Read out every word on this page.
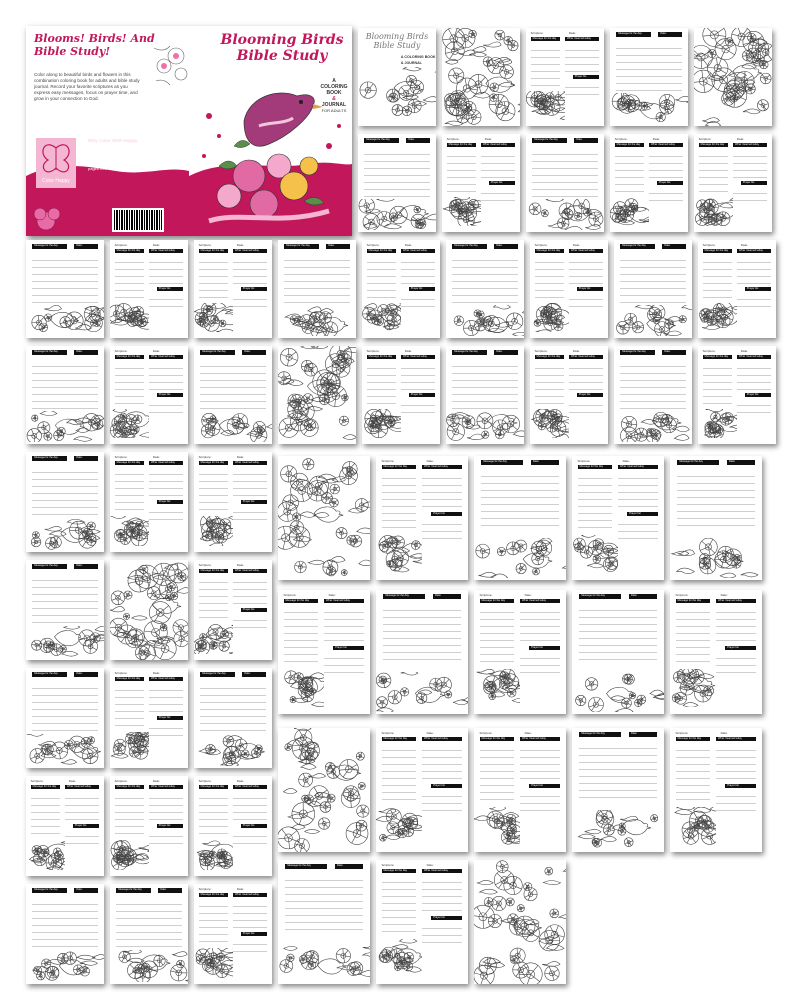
Blooms! Birds! And Bible Study!
Color along to beautiful birds and flowers in this combination coloring book for adults and bible study journal. Record your favorite scriptures as you express easy messages, focus on prayer time, and grow in your connection to God.
Color Happy
Why Color With Happy
Color Happy is a family of coloring enthusiasts dedicated to finding the most beautiful art and images to bring you joy. Every coloring book we create combines premium illustration with mindful journaling pages that inspire gratitude and relaxation.
Blooming Birds Bible Study
A
COLORING
BOOK
&
JOURNAL
FOR ADULTS
Blooming Birds Bible Study
A COLORING BOOK
& JOURNAL
Scripture:	Date:
Message for the day	What I learned today
Prayer list
Message for the day	Date:
Message for the day	Date:	Scripture:	Date:
Message for the day	What I learned today
Prayer list
Message for the day	Date:	Scripture:	Date:
Message for the day	What I learned today
Prayer list
Scripture:	Date:
Message for the day	What I learned today
Prayer list
Message for the day	Date:	Scripture:	Date:
Message for the day	What I learned today
Prayer list
Scripture:	Date:
Message for the day	What I learned today
Prayer list
Message for the day	Date:	Scripture:	Date:
Message for the day	What I learned today
Prayer list
Message for the day	Date:	Scripture:	Date:
Message for the day	What I learned today
Prayer list
Message for the day	Date:	Scripture:	Date:
Message for the day	What I learned today
Prayer list
Message for the day	Date:	Scripture:	Date:
Message for the day	What I learned today
Prayer list
Message for the day	Date:	Scripture:	Date:
Message for the day	What I learned today
Prayer list
Message for the day	Date:	Scripture:	Date:
Message for the day	What I learned today
Prayer list
Message for the day	Date:	Scripture:	Date:
Message for the day	What I learned today
Prayer list
Message for the day	Date:	Scripture:	Date:
Message for the day	What I learned today
Prayer list
Scripture:	Date:
Message for the day	What I learned today
Prayer list
Message for the day	Date:	Scripture:	Date:
Message for the day	What I learned today
Prayer list
Message for the day	Date:	Scripture:	Date:
Message for the day	What I learned today
Prayer list
Message for the day	Date:
Scripture:	Date:
Message for the day	What I learned today
Prayer list
Scripture:	Date:
Message for the day	What I learned today
Prayer list
Scripture:	Date:
Message for the day	What I learned today
Prayer list
Message for the day	Date:	Message for the day	Date:	Scripture:	Date:
Message for the day	What I learned today
Prayer list
Scripture:	Date:
Message for the day	What I learned today
Prayer list
Message for the day	Date:	Scripture:	Date:
Message for the day	What I learned today
Prayer list
Message for the day	Date:
Scripture:	Date:
Message for the day	What I learned today
Prayer list
Message for the day	Date:	Scripture:	Date:
Message for the day	What I learned today
Prayer list
Message for the day	Date:	Scripture:	Date:
Message for the day	What I learned today
Prayer list
Scripture:	Date:
Message for the day	What I learned today
Prayer list
Scripture:	Date:
Message for the day	What I learned today
Prayer list
Message for the day	Date:	Scripture:	Date:
Message for the day	What I learned today
Prayer list
Message for the day	Date:	Scripture:	Date:
Message for the day	What I learned today
Prayer list
